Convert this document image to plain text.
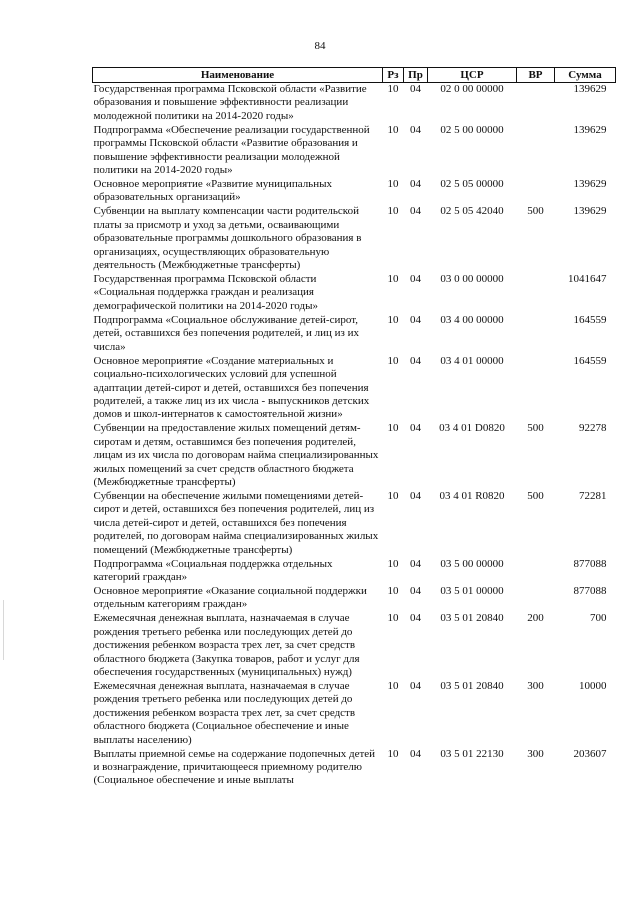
84
Наименование	Рз	Пр	ЦСР	ВР	Сумма
Государственная программа Псковской области «Развитие образования и повышение эффективности реализации молодежной политики на 2014-2020 годы»	10	04	02 0 00 00000		139629
Подпрограмма «Обеспечение реализации государственной программы Псковской области «Развитие образования и повышение эффективности реализации молодежной политики на 2014-2020 годы»	10	04	02 5 00 00000		139629
Основное мероприятие «Развитие муниципальных образовательных организаций»	10	04	02 5 05 00000		139629
Субвенции на выплату компенсации части родительской платы за присмотр и уход за детьми, осваивающими образовательные программы дошкольного образования в организациях, осуществляющих образовательную деятельность (Межбюджетные трансферты)	10	04	02 5 05 42040	500	139629
Государственная программа Псковской области «Социальная поддержка граждан и реализация демографической политики на 2014-2020 годы»	10	04	03 0 00 00000		1041647
Подпрограмма «Социальное обслуживание детей-сирот, детей, оставшихся без попечения родителей, и лиц из их числа»	10	04	03 4 00 00000		164559
Основное мероприятие «Создание материальных и социально-психологических условий для успешной адаптации детей-сирот и детей, оставшихся без попечения родителей, а также лиц из их числа - выпускников детских домов и школ-интернатов к самостоятельной жизни»	10	04	03 4 01 00000		164559
Субвенции на предоставление жилых помещений детям-сиротам и детям, оставшимся без попечения родителей, лицам из их числа по договорам найма специализированных жилых помещений за счет средств областного бюджета (Межбюджетные трансферты)	10	04	03 4 01 D0820	500	92278
Субвенции на обеспечение жилыми помещениями детей-сирот и детей, оставшихся без попечения родителей, лиц из числа детей-сирот и детей, оставшихся без попечения родителей, по договорам найма специализированных жилых помещений (Межбюджетные трансферты)	10	04	03 4 01 R0820	500	72281
Подпрограмма «Социальная поддержка отдельных категорий граждан»	10	04	03 5 00 00000		877088
Основное мероприятие «Оказание социальной поддержки отдельным категориям граждан»	10	04	03 5 01 00000		877088
Ежемесячная денежная выплата, назначаемая в случае рождения третьего ребенка или последующих детей до достижения ребенком возраста трех лет, за счет средств областного бюджета (Закупка товаров, работ и услуг для обеспечения государственных (муниципальных) нужд)	10	04	03 5 01 20840	200	700
Ежемесячная денежная выплата, назначаемая в случае рождения третьего ребенка или последующих детей до достижения ребенком возраста трех лет, за счет средств областного бюджета (Социальное обеспечение и иные выплаты населению)	10	04	03 5 01 20840	300	10000
Выплаты приемной семье на содержание подопечных детей и вознаграждение, причитающееся приемному родителю (Социальное обеспечение и иные выплаты	10	04	03 5 01 22130	300	203607
